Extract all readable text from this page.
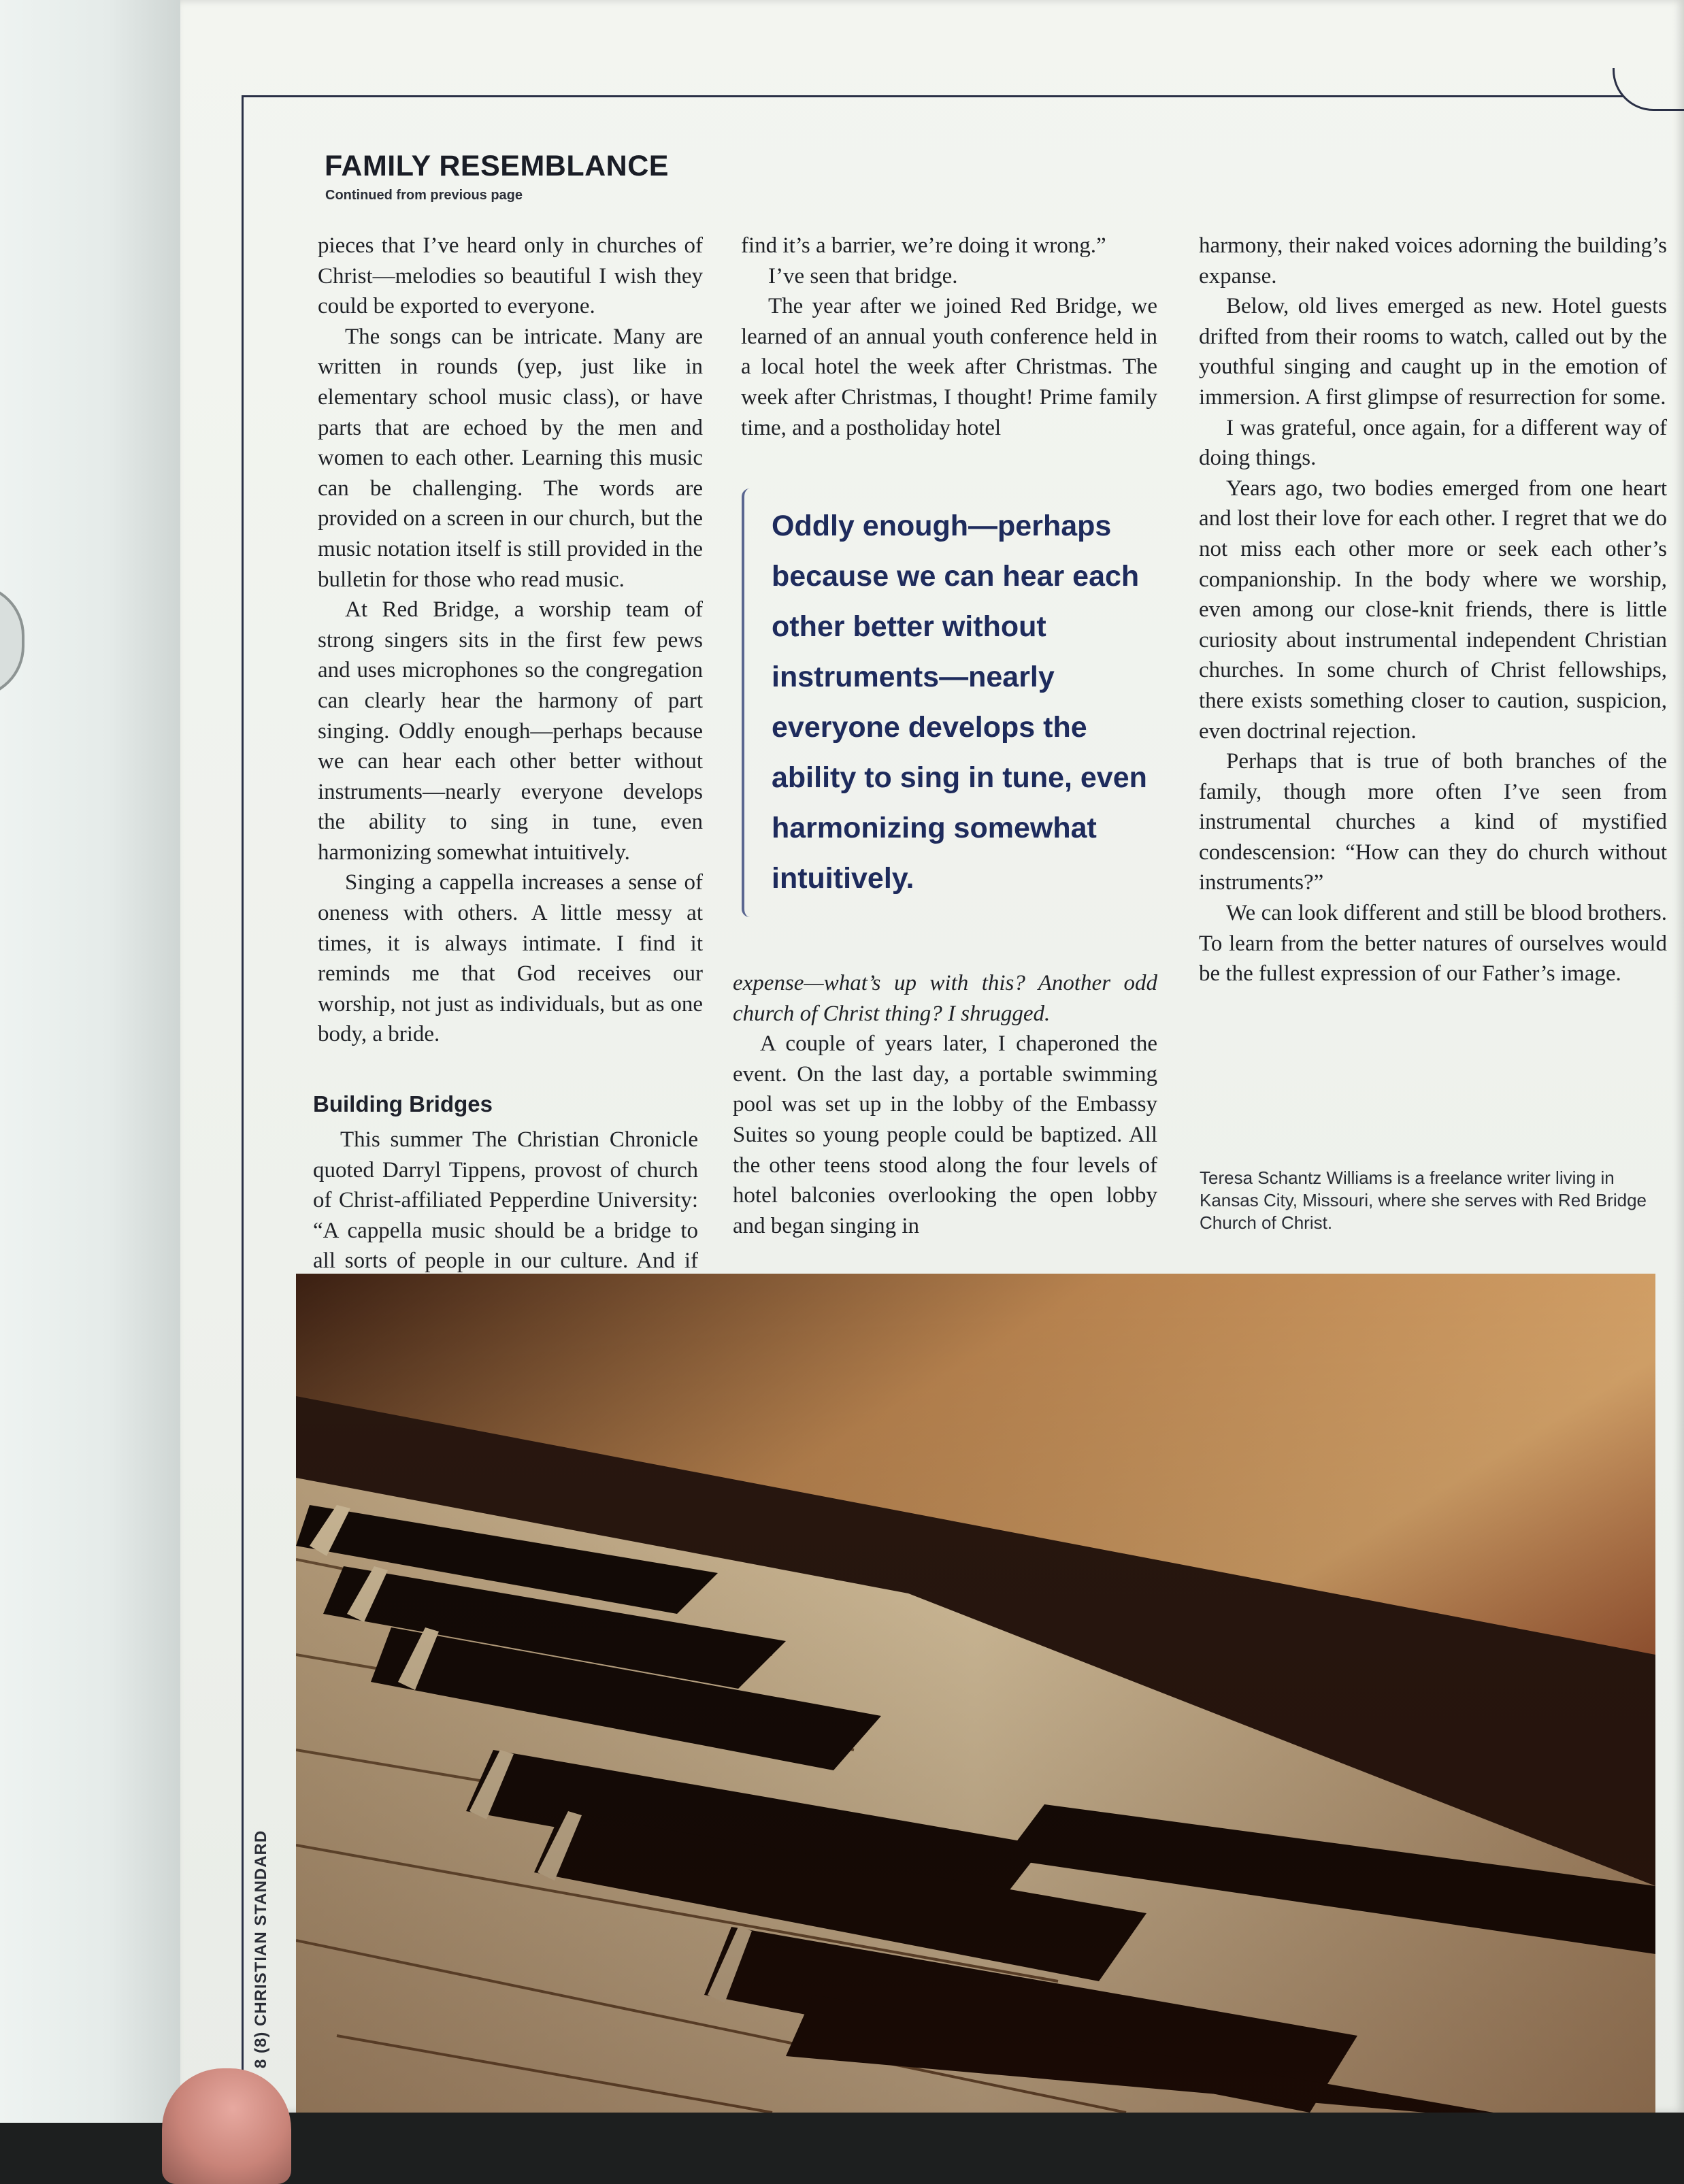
FAMILY RESEMBLANCE
Continued from previous page

pieces that I’ve heard only in churches of Christ—melodies so beautiful I wish they could be exported to everyone.

The songs can be intricate. Many are written in rounds (yep, just like in elementary school music class), or have parts that are echoed by the men and women to each other. Learning this music can be challenging. The words are provided on a screen in our church, but the music notation itself is still provided in the bulletin for those who read music.

At Red Bridge, a worship team of strong singers sits in the first few pews and uses microphones so the congregation can clearly hear the harmony of part singing. Oddly enough—perhaps because we can hear each other better without instruments—nearly everyone develops the ability to sing in tune, even harmonizing somewhat intuitively.

Singing a cappella increases a sense of oneness with others. A little messy at times, it is always intimate. I find it reminds me that God receives our worship, not just as individuals, but as one body, a bride.

Building Bridges

This summer The Christian Chronicle quoted Darryl Tippens, provost of church of Christ-affiliated Pepperdine University: “A cappella music should be a bridge to all sorts of people in our culture. And if

find it’s a barrier, we’re doing it wrong.”

I’ve seen that bridge.

The year after we joined Red Bridge, we learned of an annual youth conference held in a local hotel the week after Christmas. The week after Christmas, I thought! Prime family time, and a postholiday hotel

Oddly enough—perhaps because we can hear each other better without instruments—nearly everyone develops the ability to sing in tune, even harmonizing somewhat intuitively.

expense—what’s up with this? Another odd church of Christ thing? I shrugged.

A couple of years later, I chaperoned the event. On the last day, a portable swimming pool was set up in the lobby of the Embassy Suites so young people could be baptized. All the other teens stood along the four levels of hotel balconies overlooking the open lobby and began singing in

harmony, their naked voices adorning the building’s expanse.

Below, old lives emerged as new. Hotel guests drifted from their rooms to watch, called out by the youthful singing and caught up in the emotion of immersion. A first glimpse of resurrection for some.

I was grateful, once again, for a different way of doing things.

Years ago, two bodies emerged from one heart and lost their love for each other. I regret that we do not miss each other more or seek each other’s companionship. In the body where we worship, even among our close-knit friends, there is little curiosity about instrumental independent Christian churches. In some church of Christ fellowships, there exists something closer to caution, suspicion, even doctrinal rejection.

Perhaps that is true of both branches of the family, though more often I’ve seen from instrumental churches a kind of mystified condescension: “How can they do church without instruments?”

We can look different and still be blood brothers. To learn from the better natures of ourselves would be the fullest expression of our Father’s image.

Teresa Schantz Williams is a freelance writer living in Kansas City, Missouri, where she serves with Red Bridge Church of Christ.

8 (8) CHRISTIAN STANDARD
